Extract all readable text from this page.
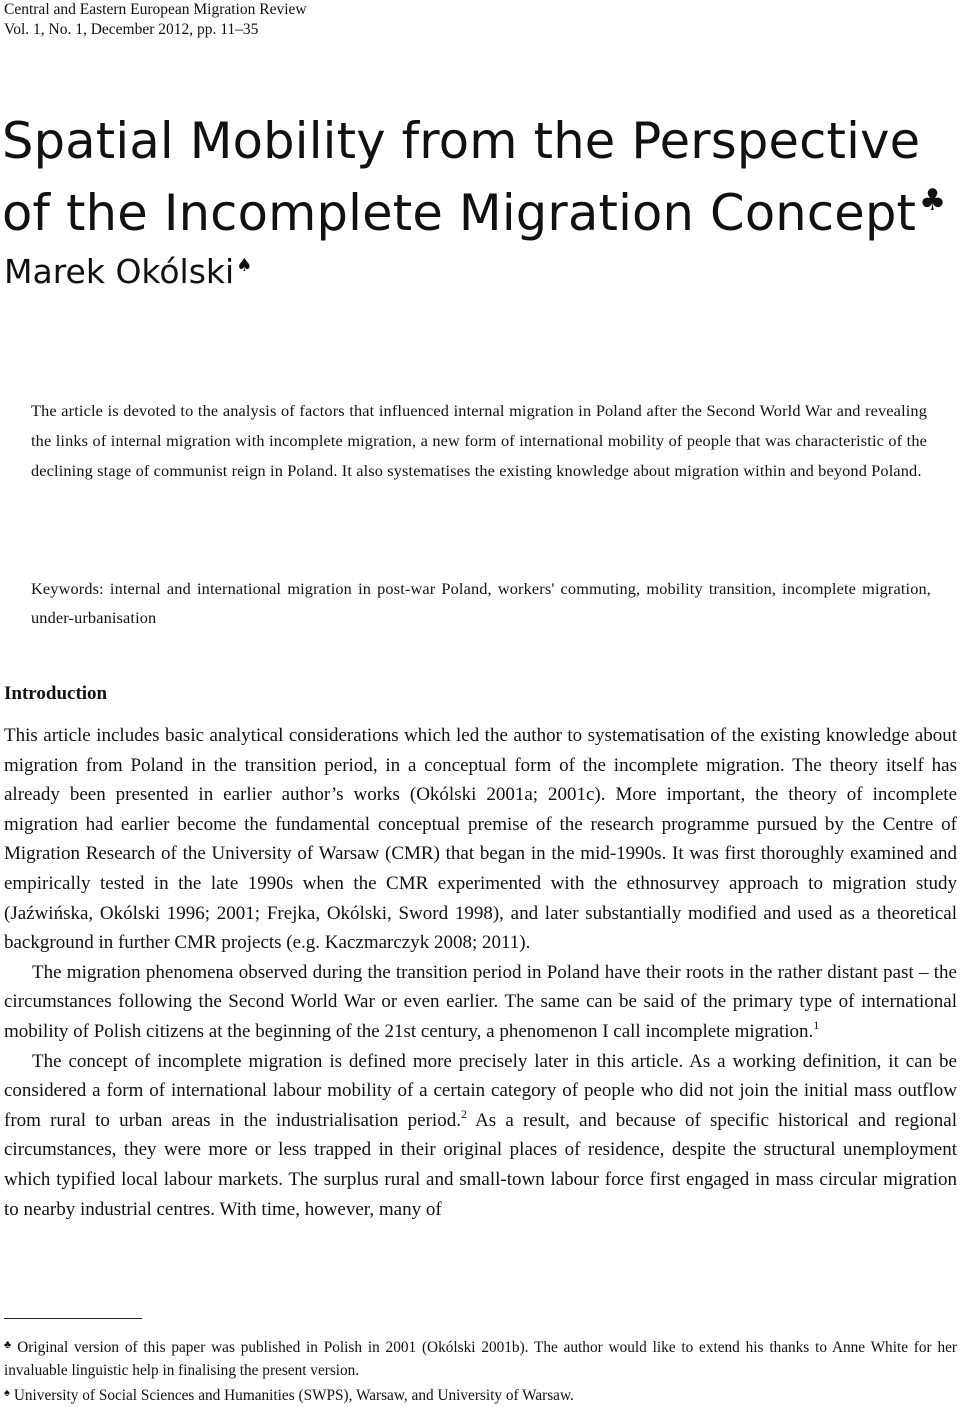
Central and Eastern European Migration Review
Vol. 1, No. 1, December 2012, pp. 11–35
Spatial Mobility from the Perspective
of the Incomplete Migration Concept ♣
Marek Okólski ♠

The article is devoted to the analysis of factors that influenced internal migration in Poland after the Second World War and revealing the links of internal migration with incomplete migration, a new form of international mobility of people that was characteristic of the declining stage of communist reign in Poland. It also systematises the existing knowledge about migration within and beyond Poland.

Keywords: internal and international migration in post-war Poland, workers' commuting, mobility transition, incomplete migration, under-urbanisation

Introduction

This article includes basic analytical considerations which led the author to systematisation of the existing knowledge about migration from Poland in the transition period, in a conceptual form of the incomplete migration. The theory itself has already been presented in earlier author’s works (Okólski 2001a; 2001c). More important, the theory of incomplete migration had earlier become the fundamental conceptual premise of the research programme pursued by the Centre of Migration Research of the University of Warsaw (CMR) that began in the mid-1990s. It was first thoroughly examined and empirically tested in the late 1990s when the CMR experimented with the ethnosurvey approach to migration study (Jaźwińska, Okólski 1996; 2001; Frejka, Okólski, Sword 1998), and later substantially modified and used as a theoretical background in further CMR projects (e.g. Kaczmarczyk 2008; 2011).

The migration phenomena observed during the transition period in Poland have their roots in the rather distant past – the circumstances following the Second World War or even earlier. The same can be said of the primary type of international mobility of Polish citizens at the beginning of the 21st century, a phenomenon I call incomplete migration.$^1$

The concept of incomplete migration is defined more precisely later in this article. As a working definition, it can be considered a form of international labour mobility of a certain category of people who did not join the initial mass outflow from rural to urban areas in the industrialisation period.$^2$ As a result, and because of specific historical and regional circumstances, they were more or less trapped in their original places of residence, despite the structural unemployment which typified local labour markets. The surplus rural and small-town labour force first engaged in mass circular migration to nearby industrial centres. With time, however, many of

♣ Original version of this paper was published in Polish in 2001 (Okólski 2001b). The author would like to extend his thanks to Anne White for her invaluable linguistic help in finalising the present version.

♠ University of Social Sciences and Humanities (SWPS), Warsaw, and University of Warsaw.
